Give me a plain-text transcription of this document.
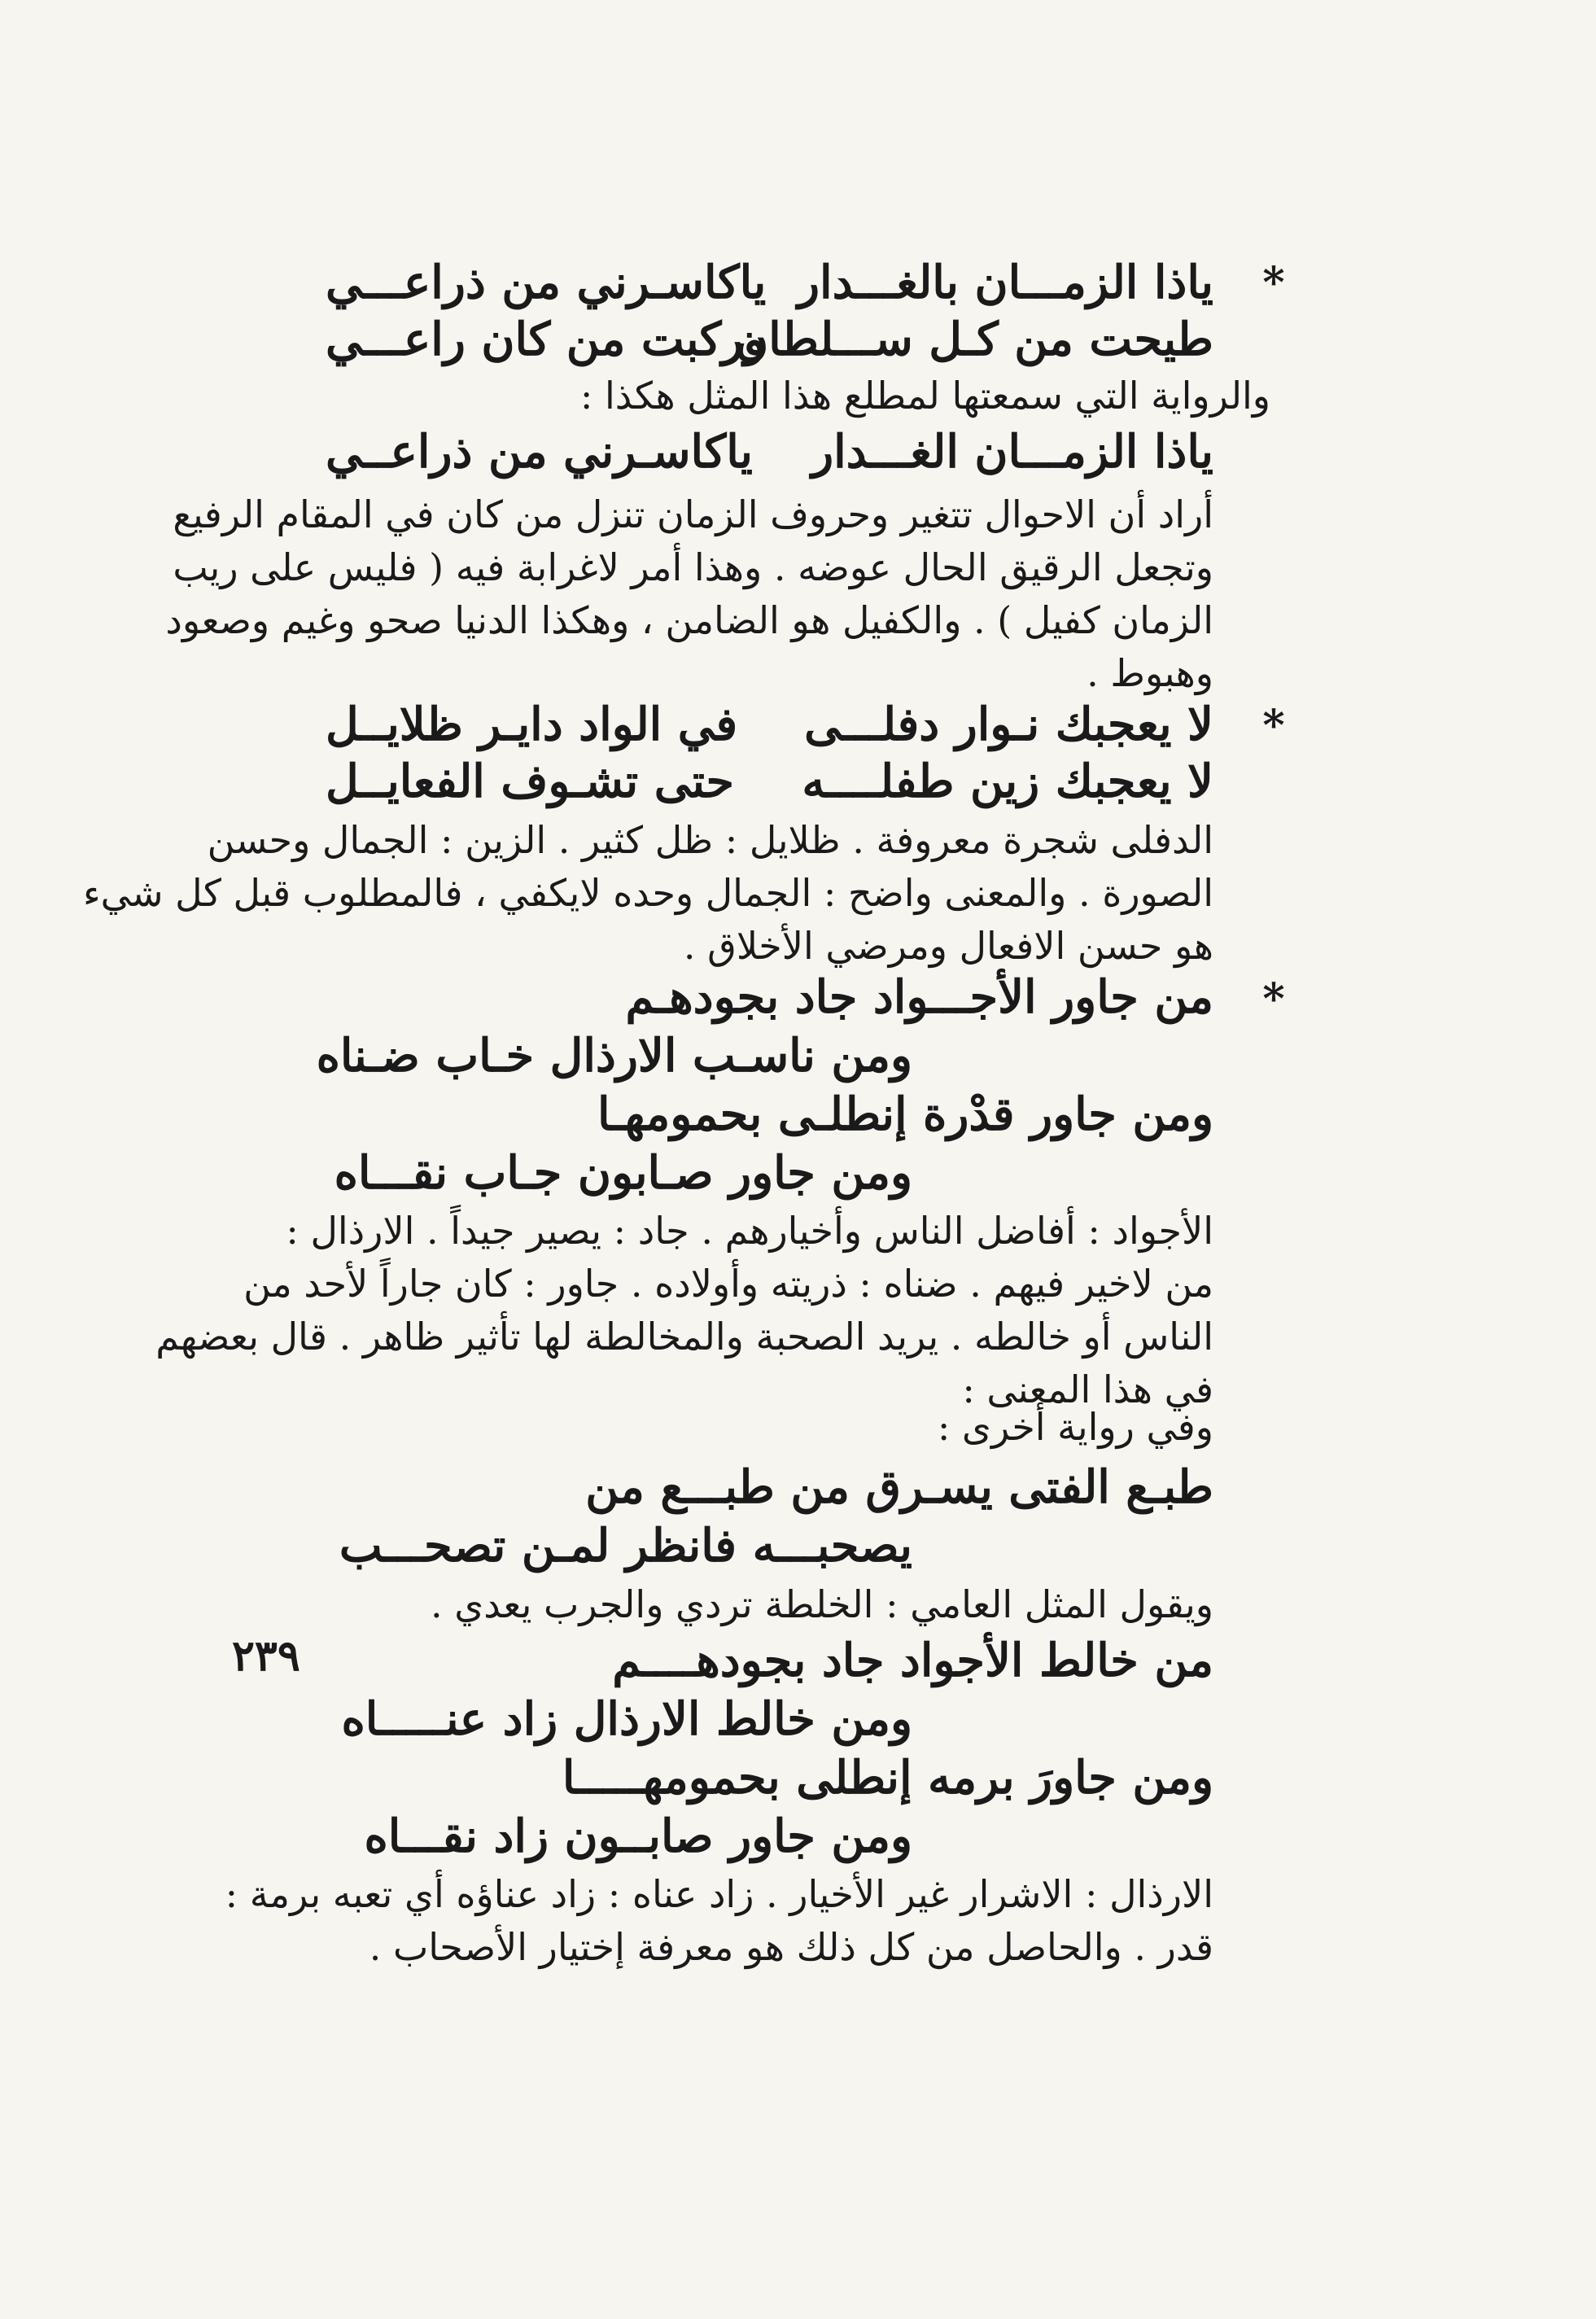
*
ياذا الزمـــان بالغـــدار
ياكاسـرني من ذراعـــي
طيحت من كـل ســـلطان
وركبت من كان راعـــي
والرواية التي سمعتها لمطلع هذا المثل هكذا :
ياذا الزمـــان الغـــدار
ياكاسـرني من ذراعــي
أراد أن الاحوال تتغير وحروف الزمان تنزل من كان في المقام الرفيع
وتجعل الرقيق الحال عوضه . وهذا أمر لاغرابة فيه ( فليس على ريب
الزمان كفيل ) . والكفيل هو الضامن ، وهكذا الدنيا صحو وغيم وصعود
وهبوط .
*
لا يعجبك نـوار دفلـــى
في الواد دايـر ظلايــل
لا يعجبك زين طفلــــه
حتى تشـوف الفعايــل
الدفلى شجرة معروفة . ظلايل : ظل كثير . الزين : الجمال وحسن
الصورة . والمعنى واضح : الجمال وحده لايكفي ، فالمطلوب قبل كل شيء
هو حسن الافعال ومرضي الأخلاق .
*
من جاور الأجـــواد جاد بجودهـم
ومن ناسـب الارذال خـاب ضـناه
ومن جاور قدْرة إنطلـى بحمومهـا
ومن جاور صـابون جـاب نقـــاه
الأجواد : أفاضل الناس وأخيارهم . جاد : يصير جيداً . الارذال :
من لاخير فيهم . ضناه : ذريته وأولاده . جاور : كان جاراً لأحد من
الناس أو خالطه . يريد الصحبة والمخالطة لها تأثير ظاهر . قال بعضهم
في هذا المعنى :
وفي رواية أخرى :
طبـع الفتى يسـرق من طبـــع من
يصحبـــه فانظر لمـن تصحـــب
ويقول المثل العامي : الخلطة تردي والجرب يعدي .
من خالط الأجواد جاد بجودهــــم
ومن خالط الارذال زاد عنـــــاه
ومن جاورَ برمه إنطلى بحمومهـــــا
ومن جاور صابــون زاد نقـــاه
الارذال : الاشرار غير الأخيار . زاد عناه : زاد عناؤه أي تعبه برمة :
قدر . والحاصل من كل ذلك هو معرفة إختيار الأصحاب .
٢٣٩
